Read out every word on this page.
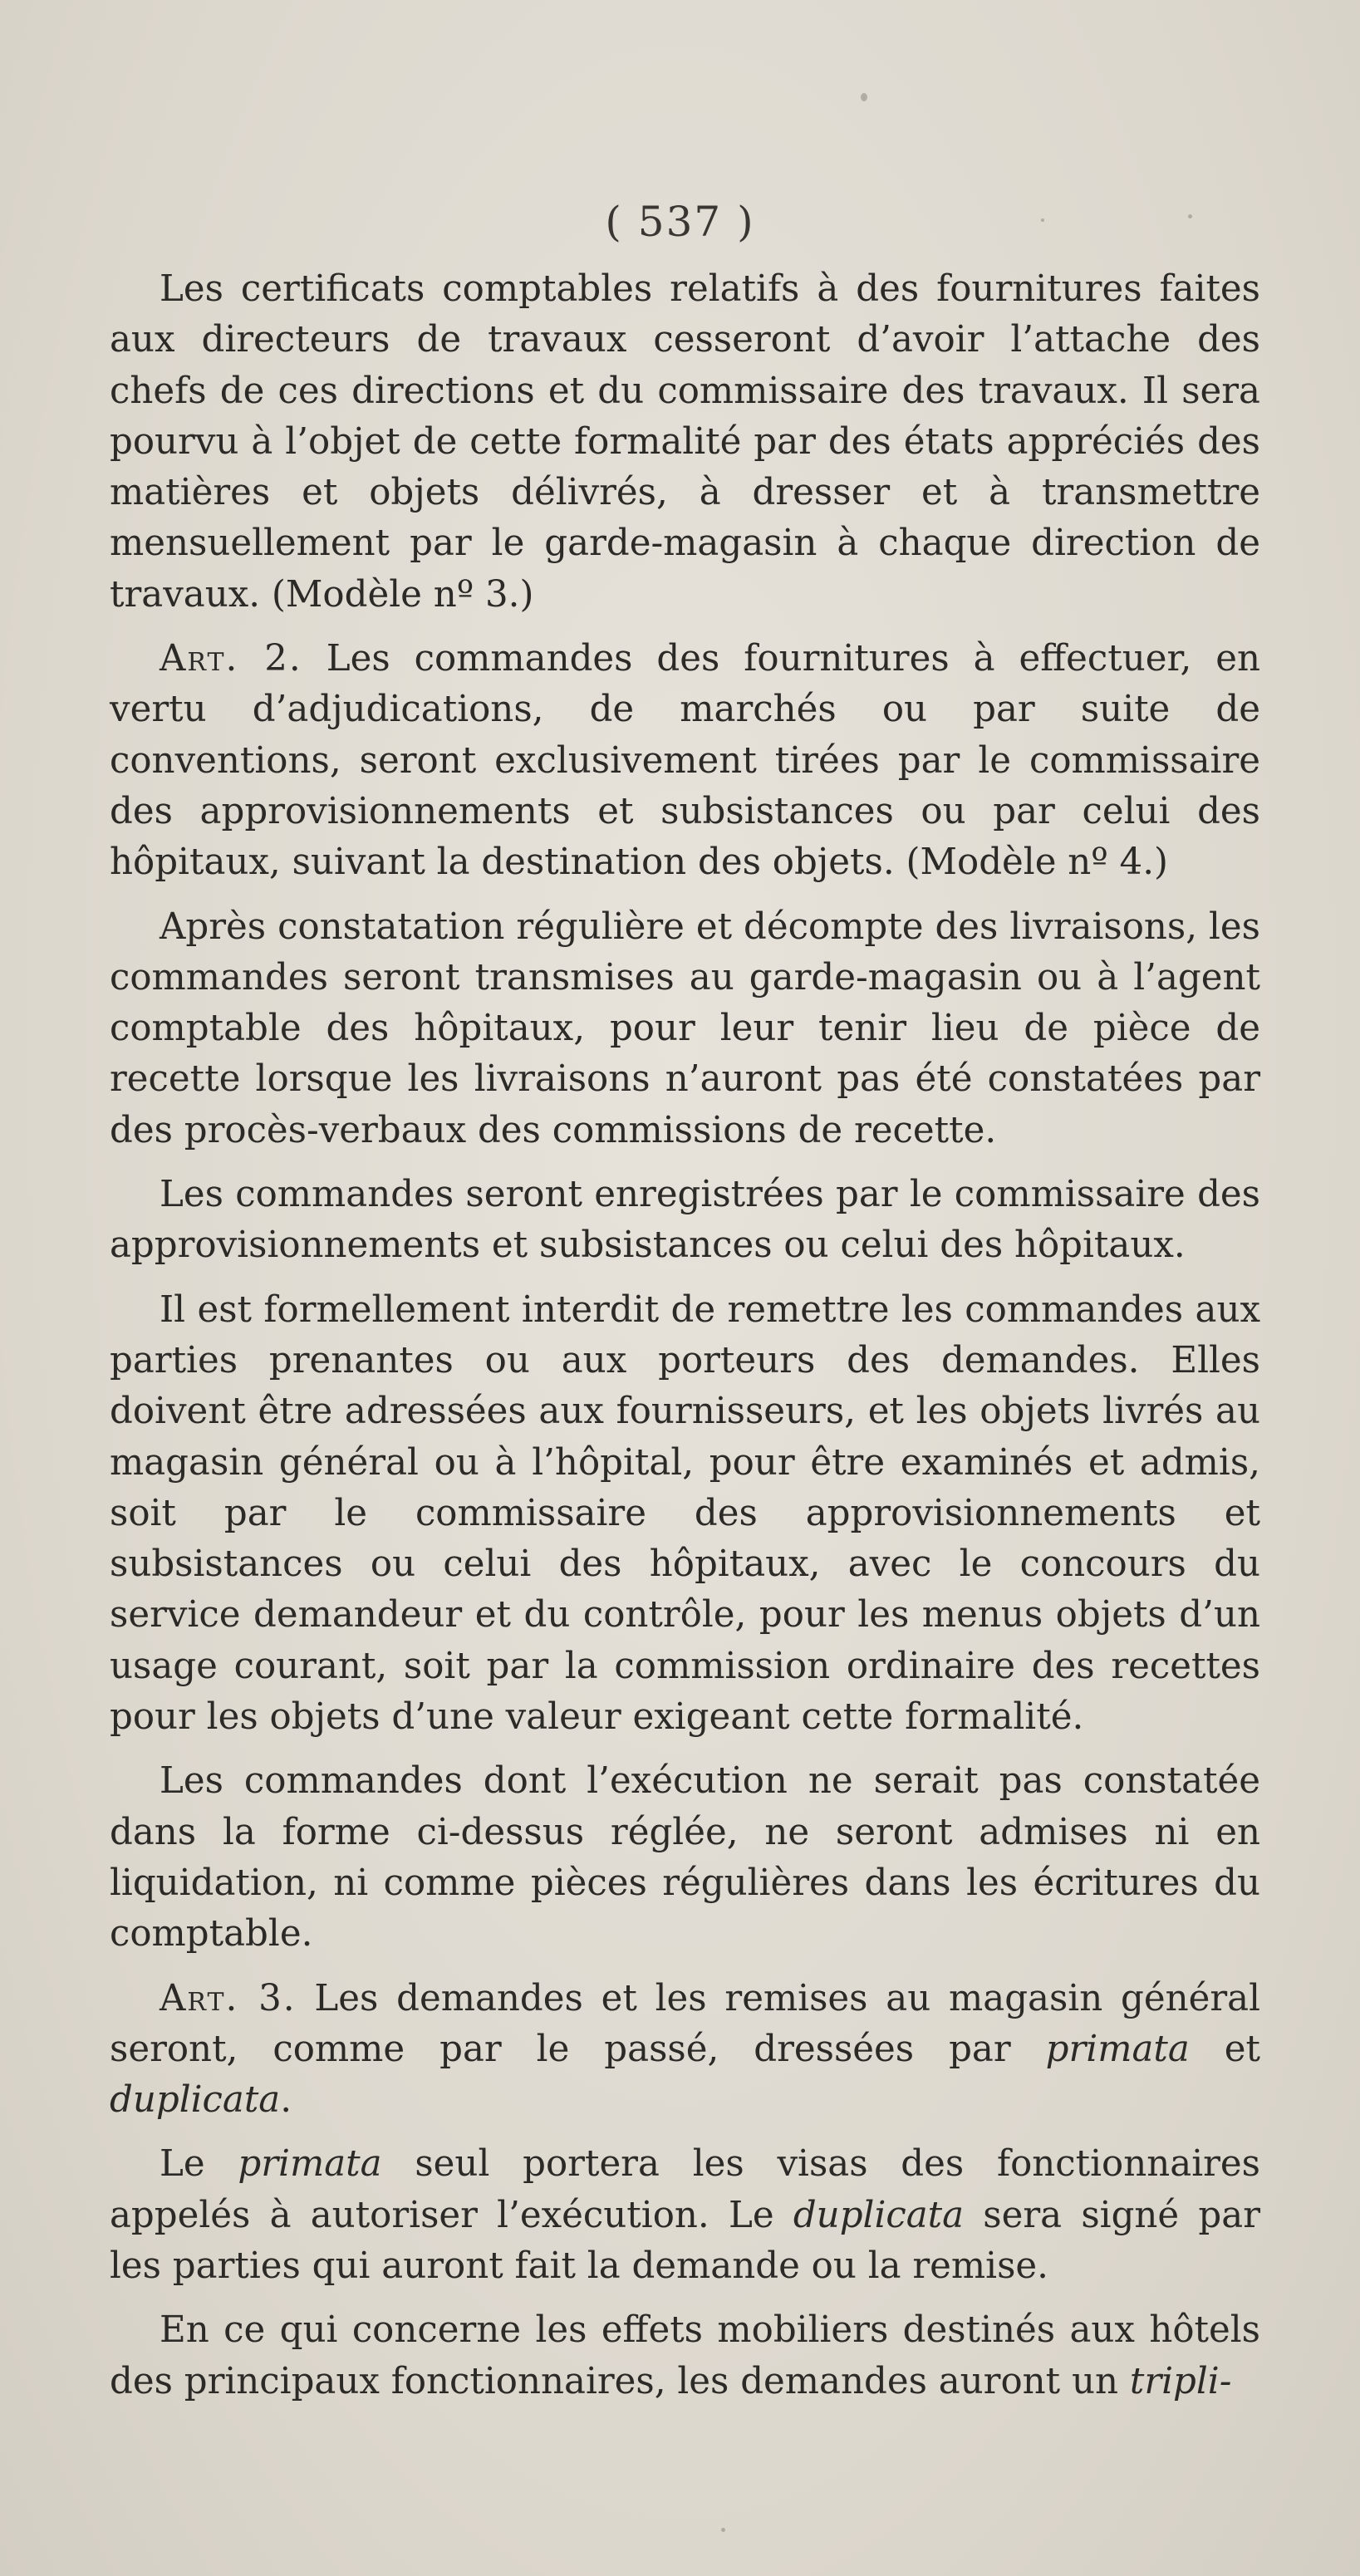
( 537 )

Les certificats comptables relatifs à des fournitures faites aux directeurs de travaux cesseront d’avoir l’attache des chefs de ces directions et du commissaire des travaux. Il sera pourvu à l’objet de cette formalité par des états appréciés des matières et objets délivrés, à dresser et à transmettre mensuellement par le garde-magasin à chaque direction de travaux. (Modèle nº 3.)

Art. 2. Les commandes des fournitures à effectuer, en vertu d’adjudications, de marchés ou par suite de conventions, seront exclusivement tirées par le commissaire des approvisionnements et subsistances ou par celui des hôpitaux, suivant la destination des objets. (Modèle nº 4.)

Après constatation régulière et décompte des livraisons, les commandes seront transmises au garde-magasin ou à l’agent comptable des hôpitaux, pour leur tenir lieu de pièce de recette lorsque les livraisons n’auront pas été constatées par des procès-verbaux des commissions de recette.

Les commandes seront enregistrées par le commissaire des approvisionnements et subsistances ou celui des hôpitaux.

Il est formellement interdit de remettre les commandes aux parties prenantes ou aux porteurs des demandes. Elles doivent être adressées aux fournisseurs, et les objets livrés au magasin général ou à l’hôpital, pour être examinés et admis, soit par le commissaire des approvisionnements et subsistances ou celui des hôpitaux, avec le concours du service demandeur et du contrôle, pour les menus objets d’un usage courant, soit par la commission ordinaire des recettes pour les objets d’une valeur exigeant cette formalité.

Les commandes dont l’exécution ne serait pas constatée dans la forme ci-dessus réglée, ne seront admises ni en liquidation, ni comme pièces régulières dans les écritures du comptable.

Art. 3. Les demandes et les remises au magasin général seront, comme par le passé, dressées par primata et duplicata.

Le primata seul portera les visas des fonctionnaires appelés à autoriser l’exécution. Le duplicata sera signé par les parties qui auront fait la demande ou la remise.

En ce qui concerne les effets mobiliers destinés aux hôtels des principaux fonctionnaires, les demandes auront un tripli-
